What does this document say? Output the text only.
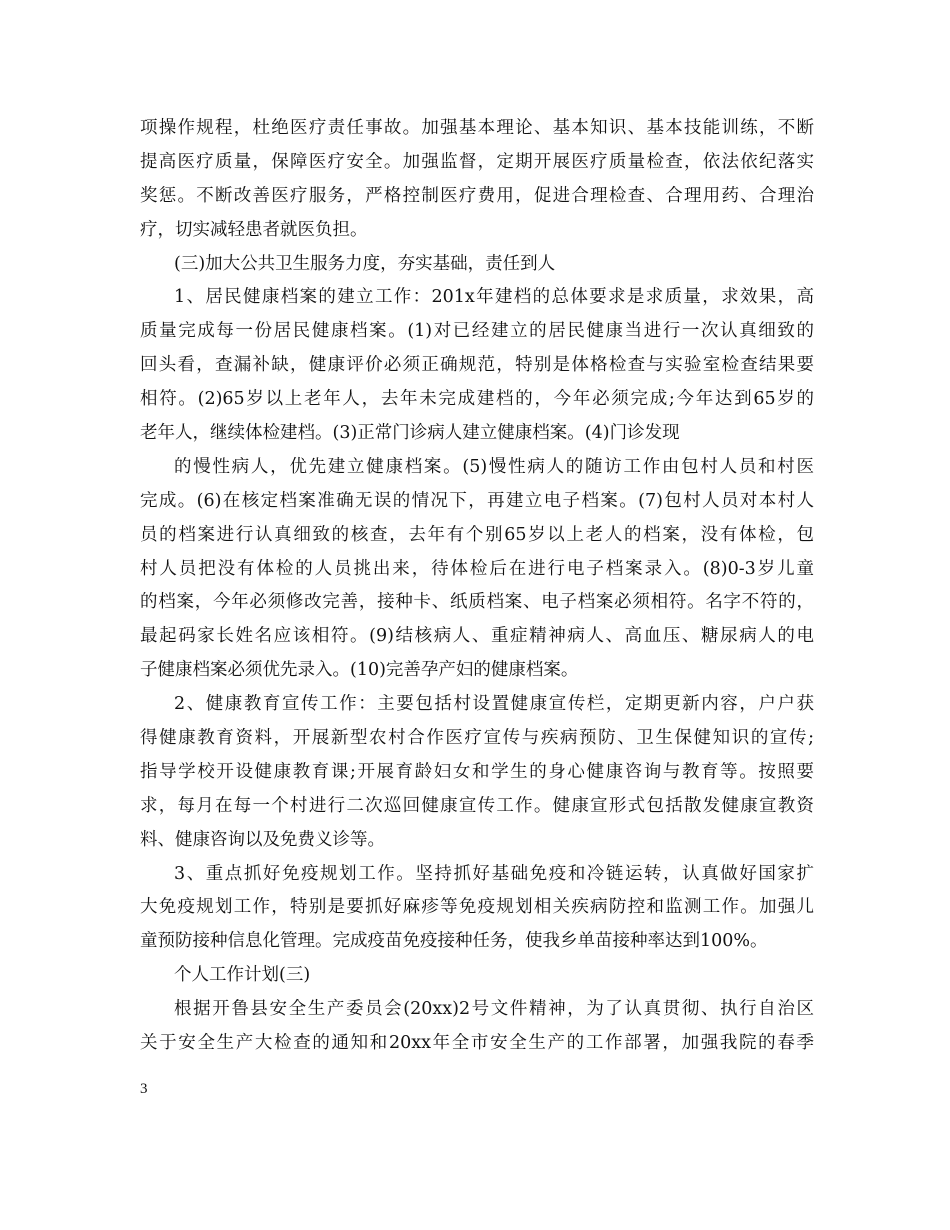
项操作规程，杜绝医疗责任事故。加强基本理论、基本知识、基本技能训练，不断
提高医疗质量，保障医疗安全。加强监督，定期开展医疗质量检查，依法依纪落实
奖惩。不断改善医疗服务，严格控制医疗费用，促进合理检查、合理用药、合理治
疗，切实减轻患者就医负担。
(三)加大公共卫生服务力度，夯实基础，责任到人
1、居民健康档案的建立工作：201x年建档的总体要求是求质量，求效果，高
质量完成每一份居民健康档案。(1)对已经建立的居民健康当进行一次认真细致的
回头看，查漏补缺，健康评价必须正确规范，特别是体格检查与实验室检查结果要
相符。(2)65岁以上老年人，去年未完成建档的，今年必须完成;今年达到65岁的
老年人，继续体检建档。(3)正常门诊病人建立健康档案。(4)门诊发现
的慢性病人，优先建立健康档案。(5)慢性病人的随访工作由包村人员和村医
完成。(6)在核定档案准确无误的情况下，再建立电子档案。(7)包村人员对本村人
员的档案进行认真细致的核查，去年有个别65岁以上老人的档案，没有体检，包
村人员把没有体检的人员挑出来，待体检后在进行电子档案录入。(8)0-3岁儿童
的档案，今年必须修改完善，接种卡、纸质档案、电子档案必须相符。名字不符的，
最起码家长姓名应该相符。(9)结核病人、重症精神病人、高血压、糖尿病人的电
子健康档案必须优先录入。(10)完善孕产妇的健康档案。
2、健康教育宣传工作：主要包括村设置健康宣传栏，定期更新内容，户户获
得健康教育资料，开展新型农村合作医疗宣传与疾病预防、卫生保健知识的宣传;
指导学校开设健康教育课;开展育龄妇女和学生的身心健康咨询与教育等。按照要
求，每月在每一个村进行二次巡回健康宣传工作。健康宣形式包括散发健康宣教资
料、健康咨询以及免费义诊等。
3、重点抓好免疫规划工作。坚持抓好基础免疫和冷链运转，认真做好国家扩
大免疫规划工作，特别是要抓好麻疹等免疫规划相关疾病防控和监测工作。加强儿
童预防接种信息化管理。完成疫苗免疫接种任务，使我乡单苗接种率达到100%。
个人工作计划(三)
根据开鲁县安全生产委员会(20xx)2号文件精神，为了认真贯彻、执行自治区
关于安全生产大检查的通知和20xx年全市安全生产的工作部署，加强我院的春季
3
